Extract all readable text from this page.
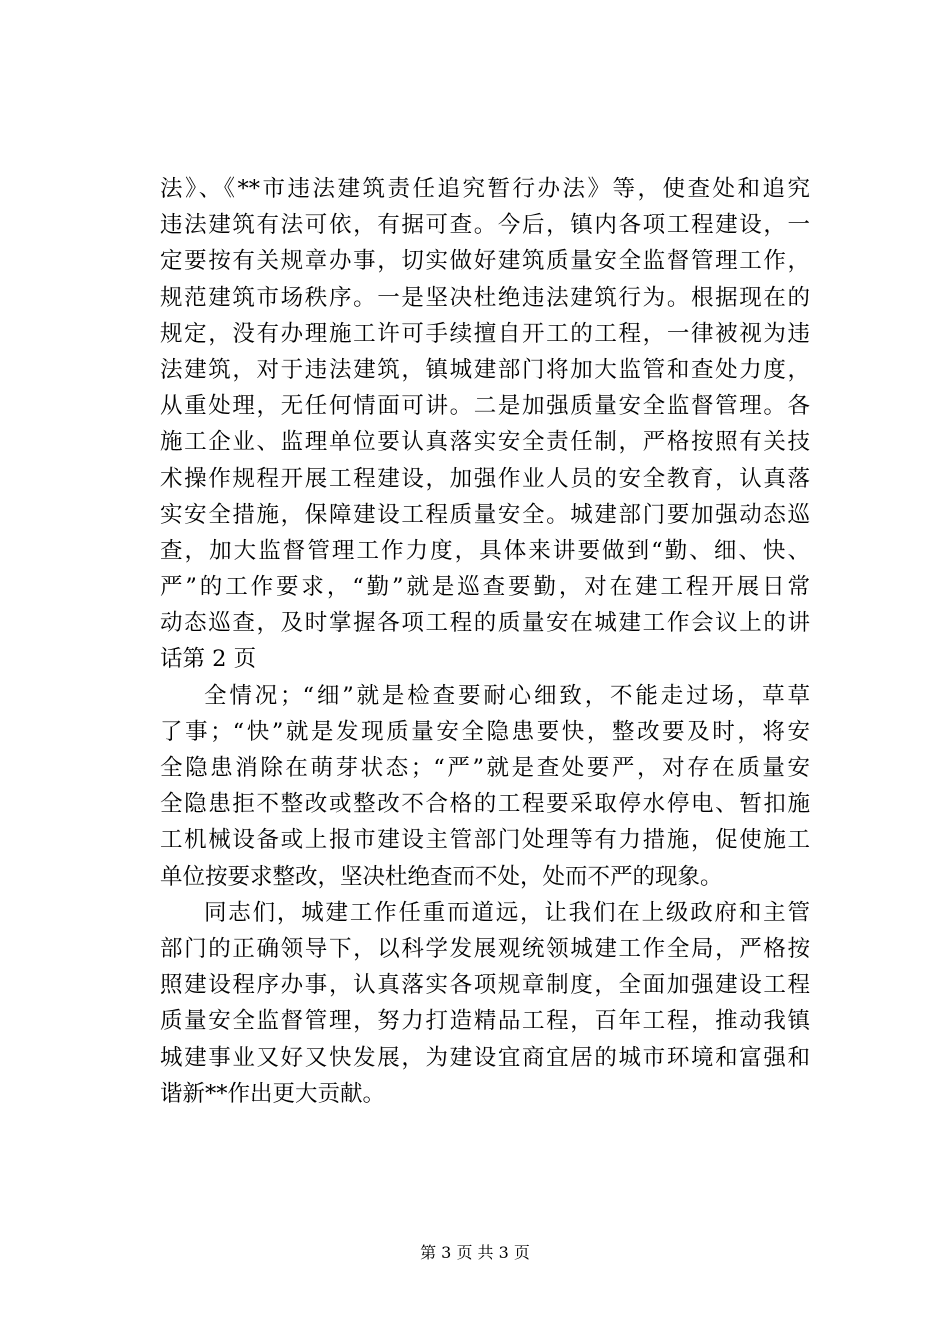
法》、《**市违法建筑责任追究暂行办法》等，使查处和追究
违法建筑有法可依，有据可查。今后，镇内各项工程建设，一
定要按有关规章办事，切实做好建筑质量安全监督管理工作，
规范建筑市场秩序。一是坚决杜绝违法建筑行为。根据现在的
规定，没有办理施工许可手续擅自开工的工程，一律被视为违
法建筑，对于违法建筑，镇城建部门将加大监管和查处力度，
从重处理，无任何情面可讲。二是加强质量安全监督管理。各
施工企业、监理单位要认真落实安全责任制，严格按照有关技
术操作规程开展工程建设，加强作业人员的安全教育，认真落
实安全措施，保障建设工程质量安全。城建部门要加强动态巡
查，加大监督管理工作力度，具体来讲要做到“勤、细、快、
严”的工作要求，“勤”就是巡查要勤，对在建工程开展日常
动态巡查，及时掌握各项工程的质量安在城建工作会议上的讲
话第 2 页
全情况；“细”就是检查要耐心细致，不能走过场，草草
了事；“快”就是发现质量安全隐患要快，整改要及时，将安
全隐患消除在萌芽状态；“严”就是查处要严，对存在质量安
全隐患拒不整改或整改不合格的工程要采取停水停电、暂扣施
工机械设备或上报市建设主管部门处理等有力措施，促使施工
单位按要求整改，坚决杜绝查而不处，处而不严的现象。
同志们，城建工作任重而道远，让我们在上级政府和主管
部门的正确领导下，以科学发展观统领城建工作全局，严格按
照建设程序办事，认真落实各项规章制度，全面加强建设工程
质量安全监督管理，努力打造精品工程，百年工程，推动我镇
城建事业又好又快发展，为建设宜商宜居的城市环境和富强和
谐新**作出更大贡献。
第 3 页 共 3 页
